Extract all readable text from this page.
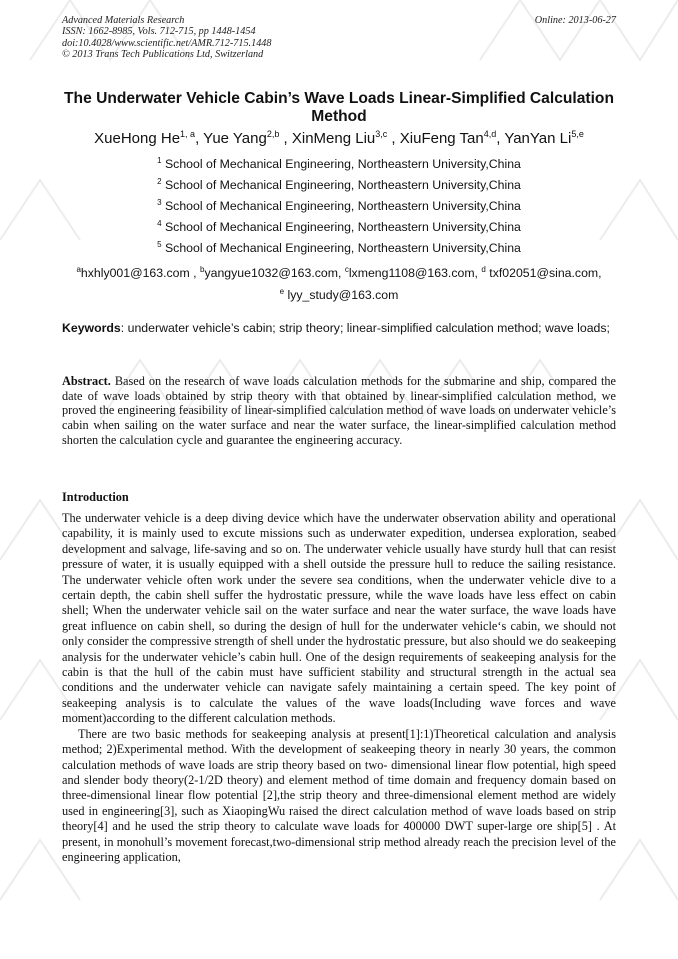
Advanced Materials Research
ISSN: 1662-8985, Vols. 712-715, pp 1448-1454
doi:10.4028/www.scientific.net/AMR.712-715.1448
© 2013 Trans Tech Publications Ltd, Switzerland
Online: 2013-06-27
The Underwater Vehicle Cabin’s Wave Loads Linear-Simplified Calculation Method
XueHong He$^{1, a}$, Yue Yang$^{2,b}$ , XinMeng Liu$^{3,c}$ , XiuFeng Tan$^{4,d}$, YanYan Li$^{5,e}$
$^1$ School of Mechanical Engineering, Northeastern University,China
$^2$ School of Mechanical Engineering, Northeastern University,China
$^3$ School of Mechanical Engineering, Northeastern University,China
$^4$ School of Mechanical Engineering, Northeastern University,China
$^5$ School of Mechanical Engineering, Northeastern University,China
$^a$hxhly001@163.com , $^b$yangyue1032@163.com, $^c$lxmeng1108@163.com, $^d$ txf02051@sina.com,
$^e$ lyy_study@163.com
Keywords: underwater vehicle’s cabin; strip theory; linear-simplified calculation method; wave loads;
Abstract. Based on the research of wave loads calculation methods for the submarine and ship, compared the date of wave loads obtained by strip theory with that obtained by linear-simplified calculation method, we proved the engineering feasibility of linear-simplified calculation method of wave loads on underwater vehicle’s cabin when sailing on the water surface and near the water surface, the linear-simplified calculation method shorten the calculation cycle and guarantee the engineering accuracy.
Introduction

The underwater vehicle is a deep diving device which have the underwater observation ability and operational capability, it is mainly used to excute missions such as underwater expedition, undersea exploration, seabed development and salvage, life-saving and so on. The underwater vehicle usually have sturdy hull that can resist pressure of water, it is usually equipped with a shell outside the pressure hull to reduce the sailing resistance. The underwater vehicle often work under the severe sea conditions, when the underwater vehicle dive to a certain depth, the cabin shell suffer the hydrostatic pressure, while the wave loads have less effect on cabin shell; When the underwater vehicle sail on the water surface and near the water surface, the wave loads have great influence on cabin shell, so during the design of hull for the underwater vehicle‘s cabin, we should not only consider the compressive strength of shell under the hydrostatic pressure, but also should we do seakeeping analysis for the underwater vehicle’s cabin hull. One of the design requirements of seakeeping analysis for the cabin is that the hull of the cabin must have sufficient stability and structural strength in the actual sea conditions and the underwater vehicle can navigate safely maintaining a certain speed. The key point of seakeeping analysis is to calculate the values of the wave loads(Including wave forces and wave moment)according to the different calculation methods.

There are two basic methods for seakeeping analysis at present[1]:1)Theoretical calculation and analysis method; 2)Experimental method. With the development of seakeeping theory in nearly 30 years, the common calculation methods of wave loads are strip theory based on two- dimensional linear flow potential, high speed and slender body theory(2-1/2D theory) and element method of time domain and frequency domain based on three-dimensional linear flow potential [2],the strip theory and three-dimensional element method are widely used in engineering[3], such as XiaopingWu raised the direct calculation method of wave loads based on strip theory[4] and he used the strip theory to calculate wave loads for 400000 DWT super-large ore ship[5] . At present, in monohull’s movement forecast,two-dimensional strip method already reach the precision level of the engineering application,
